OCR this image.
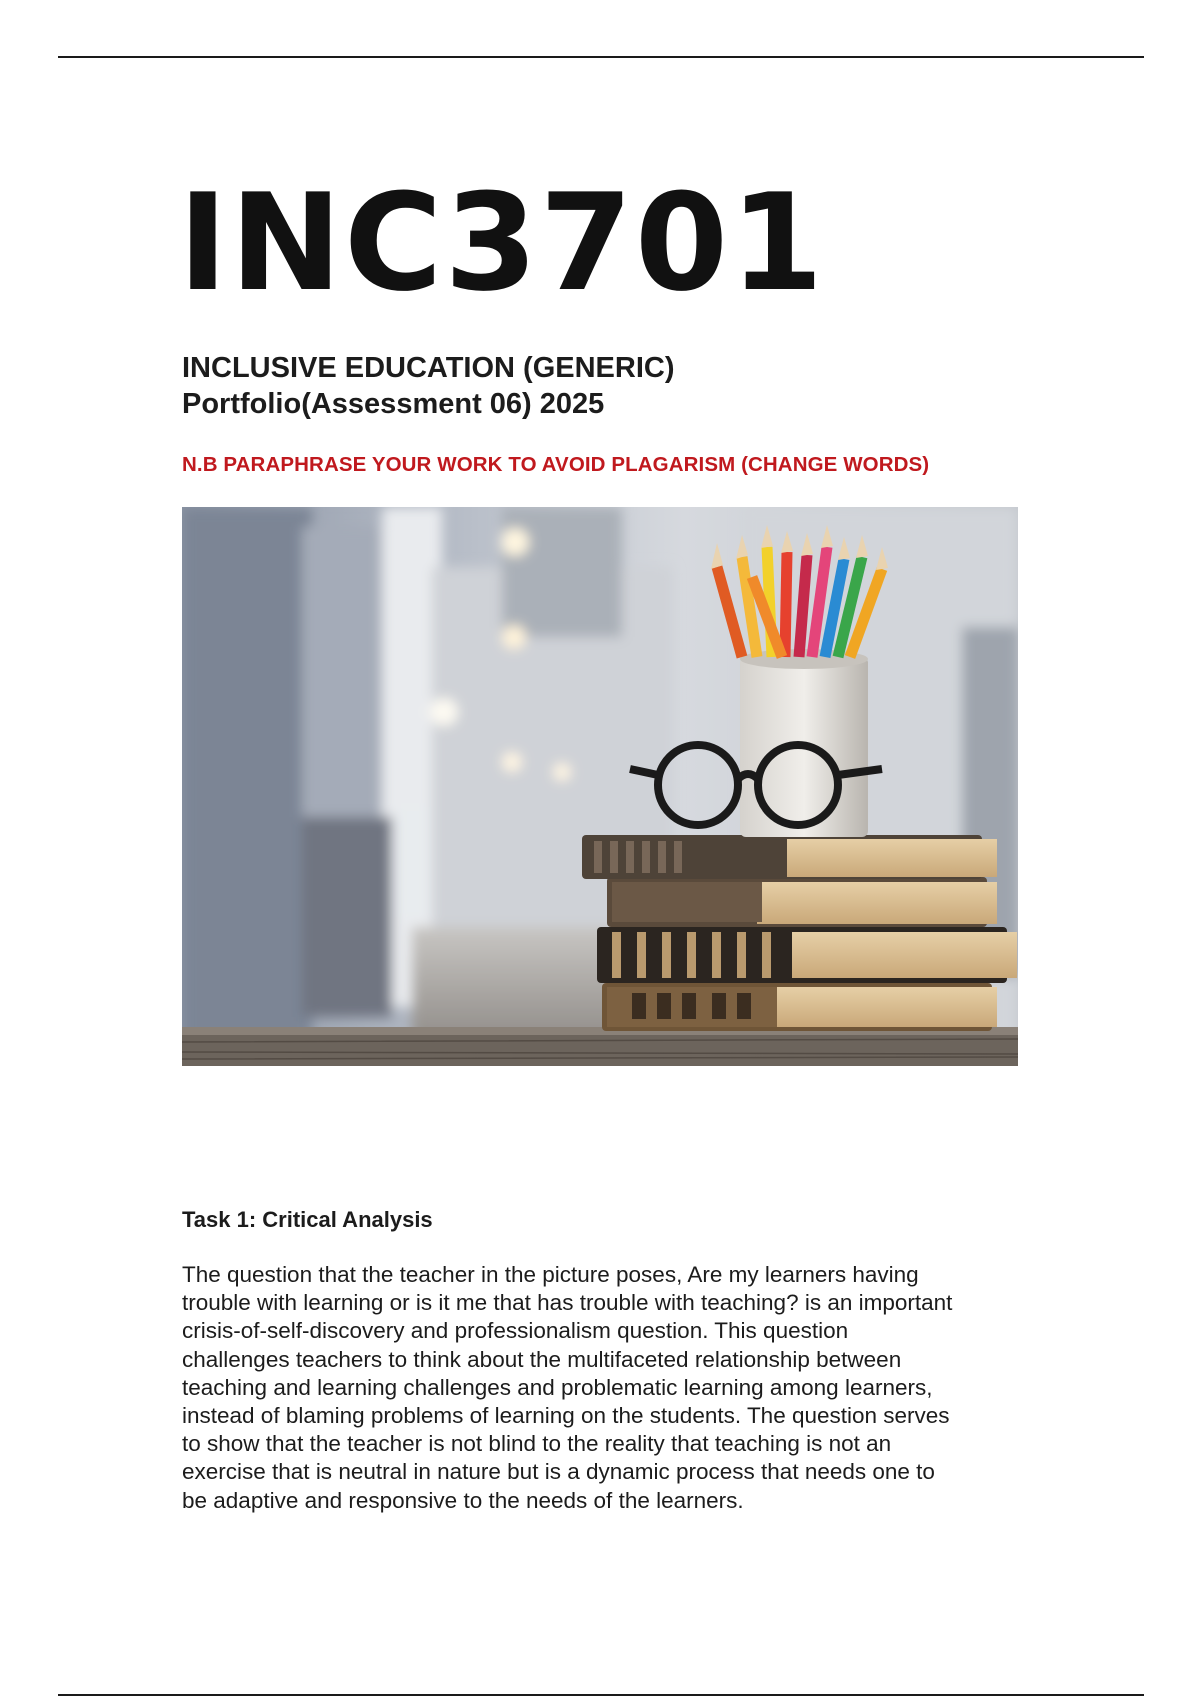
INC3701
INCLUSIVE EDUCATION (GENERIC)
Portfolio(Assessment 06) 2025
N.B PARAPHRASE YOUR WORK TO AVOID PLAGARISM (CHANGE WORDS)
Task 1: Critical Analysis
The question that the teacher in the picture poses, Are my learners having
trouble with learning or is it me that has trouble with teaching? is an important
crisis-of-self-discovery and professionalism question. This question
challenges teachers to think about the multifaceted relationship between
teaching and learning challenges and problematic learning among learners,
instead of blaming problems of learning on the students. The question serves
to show that the teacher is not blind to the reality that teaching is not an
exercise that is neutral in nature but is a dynamic process that needs one to
be adaptive and responsive to the needs of the learners.
